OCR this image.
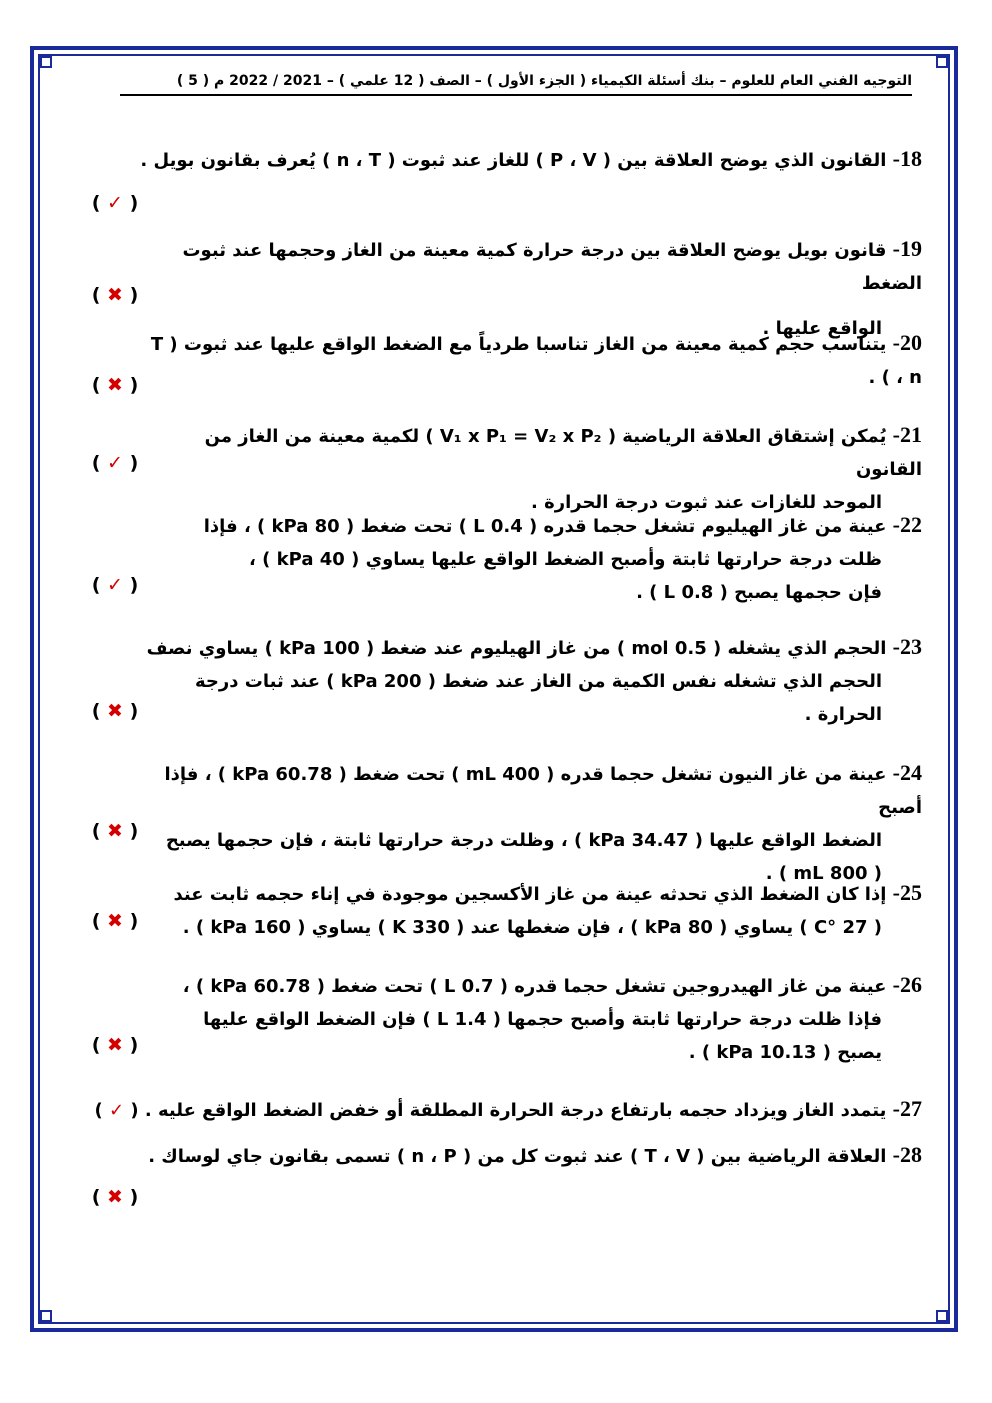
التوجيه الفني العام للعلوم – بنك أسئلة الكيمياء ( الجزء الأول ) – الصف ( 12 علمي ) – 2021 / 2022 م ( 5 )
18- القانون الذي يوضح العلاقة بين ( P ، V ) للغاز عند ثبوت ( n ، T ) يُعرف بقانون بويل .
( ✓ )
19- قانون بويل يوضح العلاقة بين درجة حرارة كمية معينة من الغاز وحجمها عند ثبوت الضغط
الواقع عليها .
( ✖ )
20- يتناسب حجم كمية معينة من الغاز تناسبا طردياً مع الضغط الواقع عليها عند ثبوت ( T ، n ) .
( ✖ )
21- يُمكن إشتقاق العلاقة الرياضية ( V₁ x P₁ = V₂ x P₂ ) لكمية معينة من الغاز من القانون
الموحد للغازات عند ثبوت درجة الحرارة .
( ✓ )
22- عينة من غاز الهيليوم تشغل حجما قدره ( 0.4 L ) تحت ضغط ( 80 kPa ) ، فإذا
ظلت درجة حرارتها ثابتة وأصبح الضغط الواقع عليها يساوي ( 40 kPa ) ،
فإن حجمها يصبح ( 0.8 L ) .
( ✓ )
23- الحجم الذي يشغله ( 0.5 mol ) من غاز الهيليوم عند ضغط ( 100 kPa ) يساوي نصف
الحجم الذي تشغله نفس الكمية من الغاز عند ضغط ( 200 kPa ) عند ثبات درجة الحرارة .
( ✖ )
24- عينة من غاز النيون تشغل حجما قدره ( 400 mL ) تحت ضغط ( 60.78 kPa ) ، فإذا أصبح
الضغط الواقع عليها ( 34.47 kPa ) ، وظلت درجة حرارتها ثابتة ، فإن حجمها يصبح
( 800 mL ) .
( ✖ )
25- إذا كان الضغط الذي تحدثه عينة من غاز الأكسجين موجودة في إناء حجمه ثابت عند
( 27 °C ) يساوي ( 80 kPa ) ، فإن ضغطها عند ( 330 K ) يساوي ( 160 kPa ) .
( ✖ )
26- عينة من غاز الهيدروجين تشغل حجما قدره ( 0.7 L ) تحت ضغط ( 60.78 kPa ) ،
فإذا ظلت درجة حرارتها ثابتة وأصبح حجمها ( 1.4 L ) فإن الضغط الواقع عليها
يصبح ( 10.13 kPa ) .
( ✖ )
27- يتمدد الغاز ويزداد حجمه بارتفاع درجة الحرارة المطلقة أو خفض الضغط الواقع عليه . ( ✓ )
28- العلاقة الرياضية بين ( T ، V ) عند ثبوت كل من ( n ، P ) تسمى بقانون جاي لوساك .
( ✖ )
